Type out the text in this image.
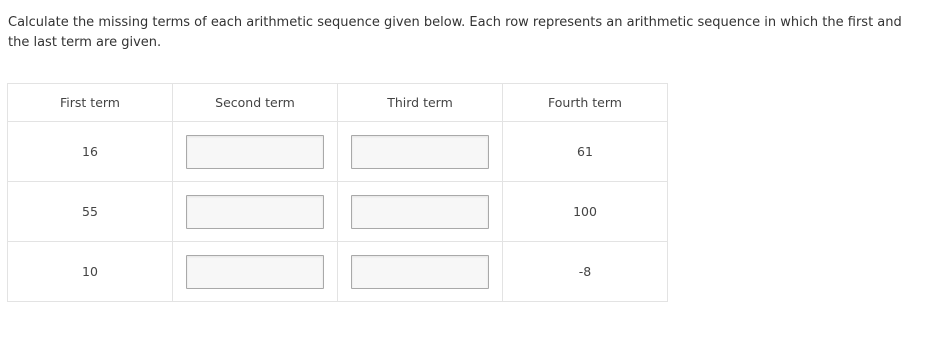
Calculate the missing terms of each arithmetic sequence given below. Each row represents an arithmetic sequence in which the first and the last term are given.
First term	Second term	Third term	Fourth term
16			61
55			100
10			-8
